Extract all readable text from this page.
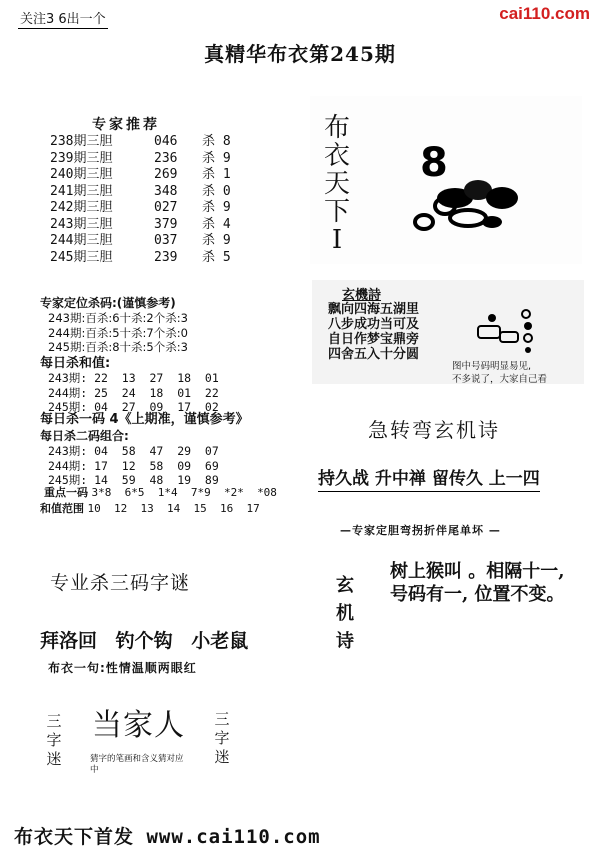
关注3 6出一个	cai110.com
真精华布衣第245期
专家推荐
238期三胆	046 杀 8
239期三胆	236 杀 9
240期三胆	269 杀 1
241期三胆	348 杀 0
242期三胆	027 杀 9
243期三胆	379 杀 4
244期三胆	037 杀 9
245期三胆	239 杀 5
专家定位杀码:(谨慎参考)
243期:百杀:6十杀:2个杀:3
244期:百杀:5十杀:7个杀:0
245期:百杀:8十杀:5个杀:3
每日杀和值:
243期: 22  13  27  18  01
244期: 25  24  18  01  22
245期: 04  27  09  17  02
每日杀一码 4《上期准，谨慎参考》
每日杀二码组合:
243期: 04  58  47  29  07
244期: 17  12  58  09  69
245期: 14  59  48  19  89
重点一码 3*8  6*5  1*4  7*9  *2*  *08
和值范围 10  12  13  14  15  16  17
专业杀三码字谜
拜洛回 钓个钩 小老鼠
布衣一句:性情温顺两眼红
三
字
迷
当家人
猜字的笔画和含义猜对应中
三
字
迷
布
衣
天
下
I
8
玄機詩
飘向四海五湖里
八步成功当可及
自日作梦宝鼎旁
四舍五入十分圆
图中号码明显易见,
不多说了，大家自己看
急转弯玄机诗
持久战 升中禅 留传久 上一四
—专家定胆弯拐折伴尾单坏 —
玄
机
诗
树上猴叫 。相隔十一,
号码有一, 位置不变。
布衣天下首发 www.cai110.com
